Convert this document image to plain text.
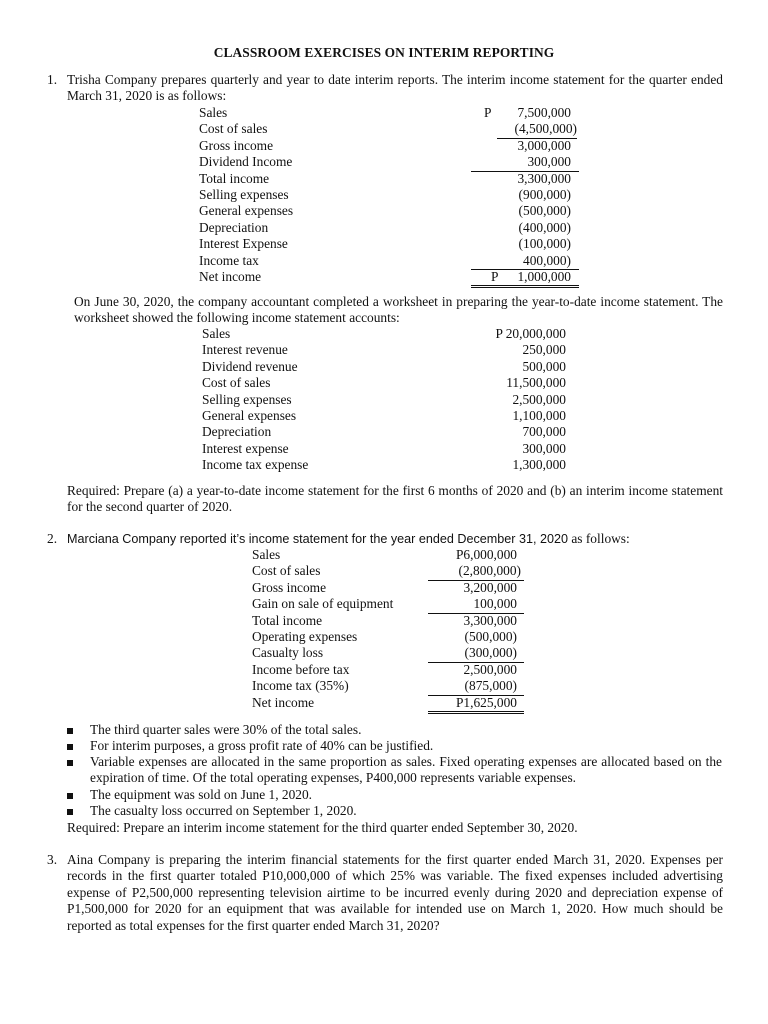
CLASSROOM EXERCISES ON INTERIM REPORTING
1. Trisha Company prepares quarterly and year to date interim reports. The interim income statement for the quarter ended March 31, 2020 is as follows:
Sales	P 7,500,000
Cost of sales	(4,500,000)
Gross income	3,000,000
Dividend Income	300,000
Total income	3,300,000
Selling expenses	(900,000)
General expenses	(500,000)
Depreciation	(400,000)
Interest Expense	(100,000)
Income tax	400,000)
Net income	P 1,000,000
On June 30, 2020, the company accountant completed a worksheet in preparing the year-to-date income statement. The worksheet showed the following income statement accounts:
Sales	P 20,000,000
Interest revenue	250,000
Dividend revenue	500,000
Cost of sales	11,500,000
Selling expenses	2,500,000
General expenses	1,100,000
Depreciation	700,000
Interest expense	300,000
Income tax expense	1,300,000
Required: Prepare (a) a year-to-date income statement for the first 6 months of 2020 and (b) an interim income statement for the second quarter of 2020.
2. Marciana Company reported it’s income statement for the year ended December 31, 2020 as follows:
Sales	P6,000,000
Cost of sales	(2,800,000)
Gross income	3,200,000
Gain on sale of equipment	100,000
Total income	3,300,000
Operating expenses	(500,000)
Casualty loss	(300,000)
Income before tax	2,500,000
Income tax (35%)	(875,000)
Net income	P1,625,000
The third quarter sales were 30% of the total sales.
For interim purposes, a gross profit rate of 40% can be justified.
Variable expenses are allocated in the same proportion as sales. Fixed operating expenses are allocated based on the expiration of time. Of the total operating expenses, P400,000 represents variable expenses.
The equipment was sold on June 1, 2020.
The casualty loss occurred on September 1, 2020.
Required: Prepare an interim income statement for the third quarter ended September 30, 2020.
3. Aina Company is preparing the interim financial statements for the first quarter ended March 31, 2020. Expenses per records in the first quarter totaled P10,000,000 of which 25% was variable. The fixed expenses included advertising expense of P2,500,000 representing television airtime to be incurred evenly during 2020 and depreciation expense of P1,500,000 for 2020 for an equipment that was available for intended use on March 1, 2020. How much should be reported as total expenses for the first quarter ended March 31, 2020?
